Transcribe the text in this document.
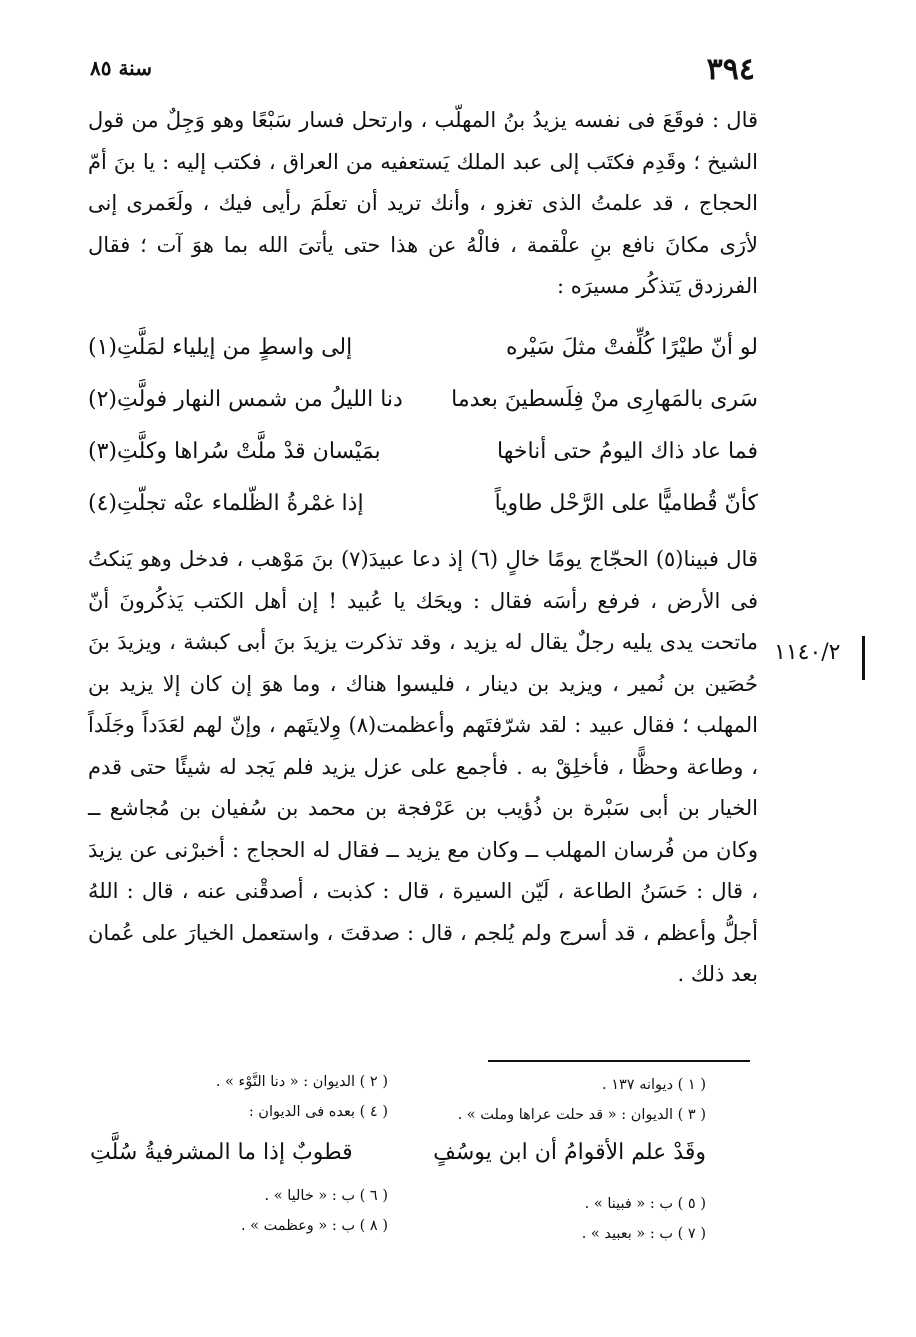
٣٩٤
سنة ٨٥

قال : فوقَعَ فى نفسه يزيدُ بنُ المهلّب ، وارتحل فسار سَبْعًا وهو وَجِلٌ من قول الشيخ ؛ وقَدِم فكتَب إلى عبد الملك يَستعفيه من العراق ، فكتب إليه : يا بنَ أمّ الحجاج ، قد علمتُ الذى تغزو ، وأنك تريد أن تعلَمَ رأيى فيك ، ولَعَمرى إنى لأرَى مكانَ نافع بنِ علْقمة ، فالْهُ عن هذا حتى يأتىَ الله بما هوَ آت ؛ فقال الفرزدق يَتذكُر مسيرَه :

لو أنّ طيْرًا كُلِّفتْ مثلَ سَيْره
إلى واسطٍ من إيلياء لمَلَّتِ(١)
سَرى بالمَهارِى منْ فِلَسطينَ بعدما
دنا الليلُ من شمس النهار فولَّتِ(٢)
فما عاد ذاك اليومُ حتى أناخها
بمَيْسان قدْ ملَّتْ سُراها وكلَّتِ(٣)
كأنّ قُطاميًّا على الرَّحْل طاوياً
إذا غمْرةُ الظّلماء عنْه تجلّتِ(٤)

قال فبينا(٥) الحجّاج يومًا خالٍ (٦) إذ دعا عبيدَ(٧) بنَ مَوْهب ، فدخل وهو يَنكتُ فى الأرض ، فرفع رأسَه فقال : ويحَك يا عُبيد ! إن أهل الكتب يَذكُرونَ أنّ ماتحت يدى يليه رجلٌ يقال له يزيد ، وقد تذكرت يزيدَ بنَ أبى كبشة ، ويزيدَ بنَ حُصَين بن نُمير ، ويزيد بن دينار ، فليسوا هناك ، وما هوَ إن كان إلا يزيد بن المهلب ؛ فقال عبيد : لقد شرّفتَهم وأعظمت(٨) وِلايتَهم ، وإنّ لهم لعَدَداً وجَلَداً ، وطاعة وحظًّا ، فأخلِقْ به . فأجمع على عزل يزيد فلم يَجد له شيئًا حتى قدم الخيار بن أبى سَبْرة بن ذُؤيب بن عَرْفجة بن محمد بن سُفيان بن مُجاشع ــ وكان من فُرسان المهلب ــ وكان مع يزيد ــ فقال له الحجاج : أخبرْنى عن يزيدَ ، قال : حَسَنُ الطاعة ، لَيّن السيرة ، قال : كذبت ، أصدقْنى عنه ، قال : اللهُ أجلُّ وأعظم ، قد أسرج ولم يُلجم ، قال : صدقتَ ، واستعمل الخيارَ على عُمان بعد ذلك .

١١٤٠/٢
( ١ ) ديوانه ١٣٧ .
( ٢ ) الديوان : « دنا النَّوْء » .
( ٣ ) الديوان : « قد حلت عراها وملت » .
( ٤ ) بعده فى الديوان :
وقَدْ علم الأقوامُ أن ابن يوسُفٍ
قطوبٌ إذا ما المشرفيةُ سُلَّتِ
( ٥ ) ب : « فبينا » .
( ٦ ) ب : « خاليا » .
( ٧ ) ب : « بعبيد » .
( ٨ ) ب : « وعظمت » .
